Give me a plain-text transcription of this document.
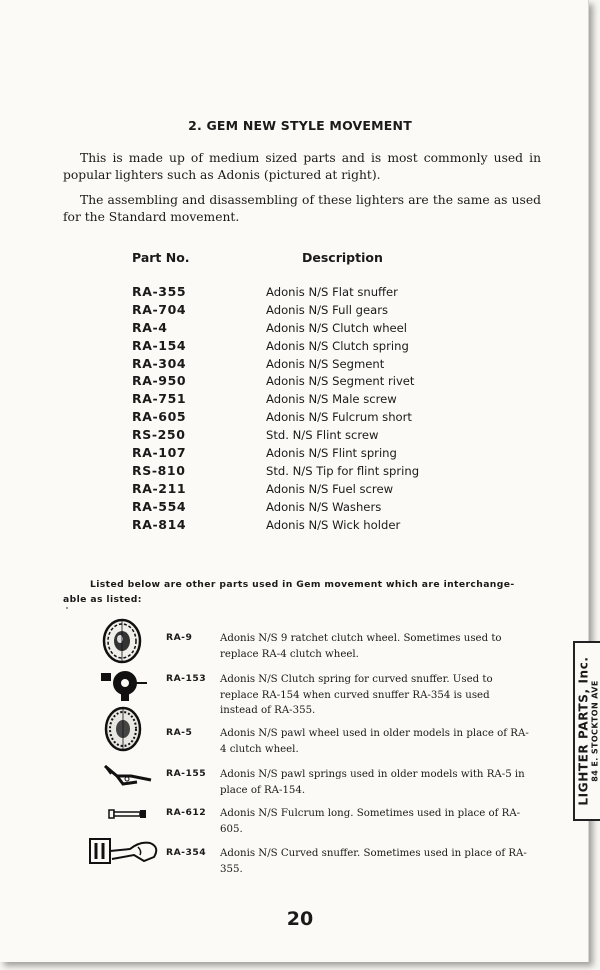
2. GEM NEW STYLE MOVEMENT
This is made up of medium sized parts and is most commonly used in popular lighters such as Adonis (pictured at right).
The assembling and disassembling of these lighters are the same as used for the Standard movement.
Part No.	Description
RA-355	Adonis N/S Flat snuffer
RA-704	Adonis N/S Full gears
RA-4	Adonis N/S Clutch wheel
RA-154	Adonis N/S Clutch spring
RA-304	Adonis N/S Segment
RA-950	Adonis N/S Segment rivet
RA-751	Adonis N/S Male screw
RA-605	Adonis N/S Fulcrum short
RS-250	Std. N/S Flint screw
RA-107	Adonis N/S Flint spring
RS-810	Std. N/S Tip for flint spring
RA-211	Adonis N/S Fuel screw
RA-554	Adonis N/S Washers
RA-814	Adonis N/S Wick holder
Listed below are other parts used in Gem movement which are interchange-
able as listed:
RA-9	Adonis N/S 9 ratchet clutch wheel. Sometimes used to replace RA-4 clutch wheel.
RA-153 Adonis N/S Clutch spring for curved snuffer. Used to replace RA-154 when curved snuffer RA-354 is used instead of RA-355.
RA-5	Adonis N/S pawl wheel used in older models in place of RA-4 clutch wheel.
RA-155 Adonis N/S pawl springs used in older models with RA-5 in place of RA-154.
RA-612 Adonis N/S Fulcrum long. Sometimes used in place of RA-605.
RA-354 Adonis N/S Curved snuffer. Sometimes used in place of RA-355.
20
LIGHTER PARTS, Inc. 84 E. STOCKTON AVE
